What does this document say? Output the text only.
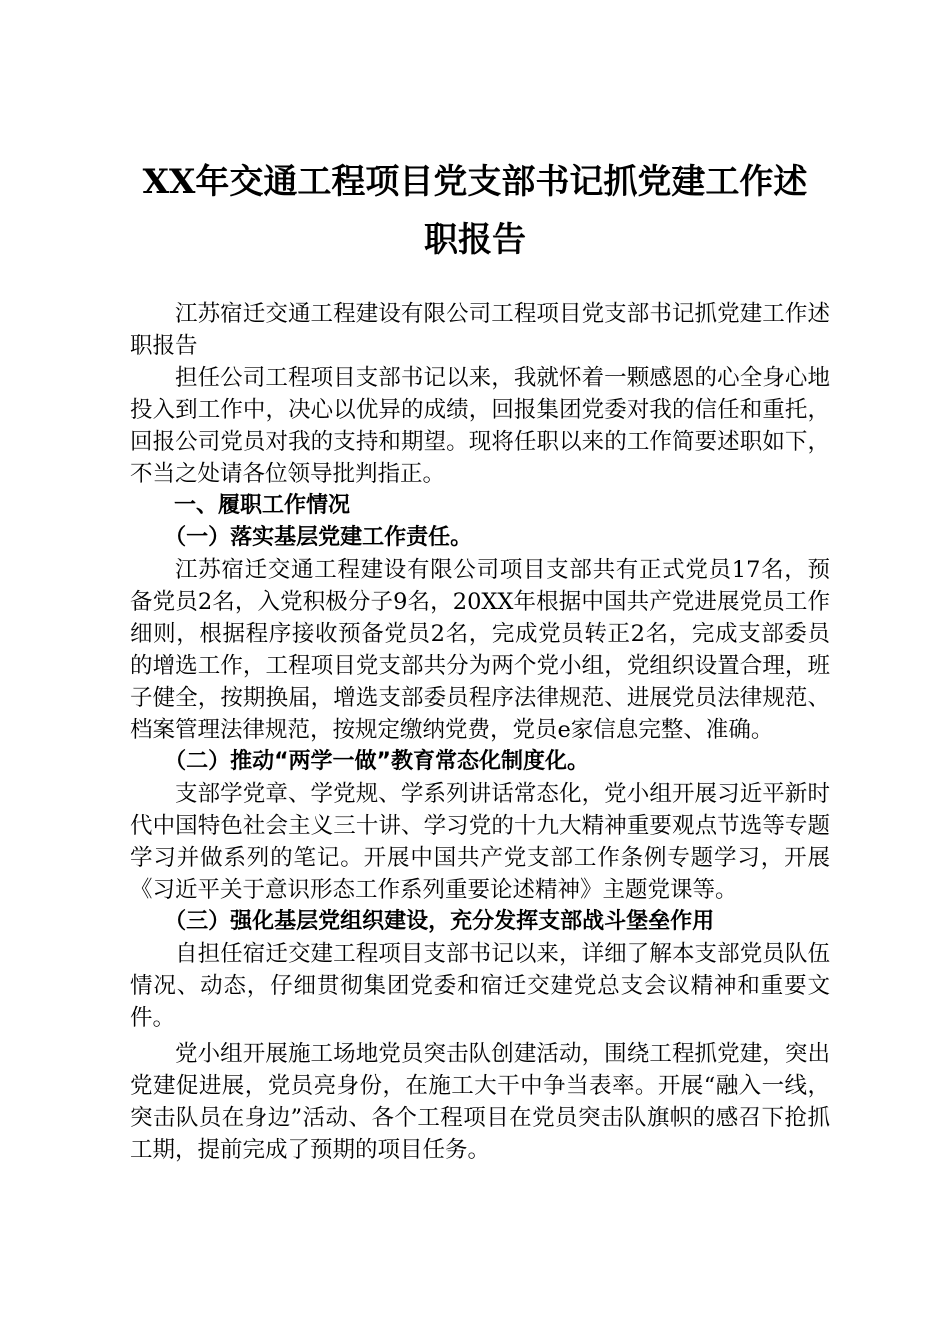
XX年交通工程项目党支部书记抓党建工作述
职报告

江苏宿迁交通工程建设有限公司工程项目党支部书记抓党建工作述职报告

担任公司工程项目支部书记以来，我就怀着一颗感恩的心全身心地投入到工作中，决心以优异的成绩，回报集团党委对我的信任和重托，回报公司党员对我的支持和期望。现将任职以来的工作简要述职如下，不当之处请各位领导批判指正。

一、履职工作情况

（一）落实基层党建工作责任。

江苏宿迁交通工程建设有限公司项目支部共有正式党员17名，预备党员2名，入党积极分子9名，20XX年根据中国共产党进展党员工作细则，根据程序接收预备党员2名，完成党员转正2名，完成支部委员的增选工作，工程项目党支部共分为两个党小组，党组织设置合理，班子健全，按期换届，增选支部委员程序法律规范、进展党员法律规范、档案管理法律规范，按规定缴纳党费，党员e家信息完整、准确。

（二）推动“两学一做”教育常态化制度化。

支部学党章、学党规、学系列讲话常态化，党小组开展习近平新时代中国特色社会主义三十讲、学习党的十九大精神重要观点节选等专题学习并做系列的笔记。开展中国共产党支部工作条例专题学习，开展《习近平关于意识形态工作系列重要论述精神》主题党课等。

（三）强化基层党组织建设，充分发挥支部战斗堡垒作用

自担任宿迁交建工程项目支部书记以来，详细了解本支部党员队伍情况、动态，仔细贯彻集团党委和宿迁交建党总支会议精神和重要文件。

党小组开展施工场地党员突击队创建活动，围绕工程抓党建，突出党建促进展，党员亮身份，在施工大干中争当表率。开展“融入一线，突击队员在身边”活动、各个工程项目在党员突击队旗帜的感召下抢抓工期，提前完成了预期的项目任务。
